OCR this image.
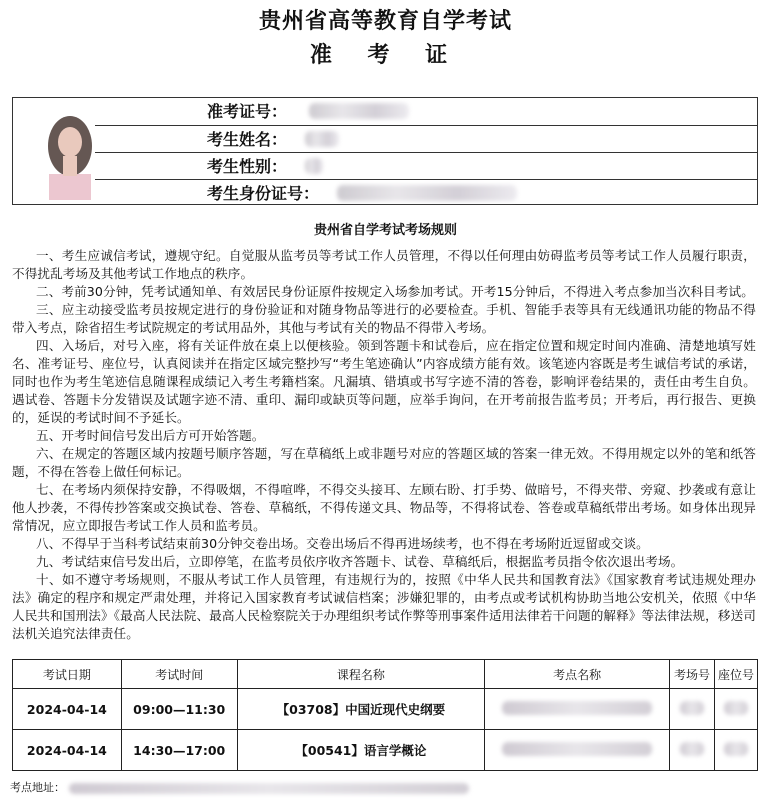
贵州省高等教育自学考试
准 考 证
准考证号：
考生姓名：
考生性别：
考生身份证号：
贵州省自学考试考场规则

一、考生应诚信考试，遵规守纪。自觉服从监考员等考试工作人员管理，不得以任何理由妨碍监考员等考试工作人员履行职责，不得扰乱考场及其他考试工作地点的秩序。

二、考前30分钟，凭考试通知单、有效居民身份证原件按规定入场参加考试。开考15分钟后，不得进入考点参加当次科目考试。

三、应主动接受监考员按规定进行的身份验证和对随身物品等进行的必要检查。手机、智能手表等具有无线通讯功能的物品不得带入考点，除省招生考试院规定的考试用品外，其他与考试有关的物品不得带入考场。

四、入场后，对号入座，将有关证件放在桌上以便核验。领到答题卡和试卷后，应在指定位置和规定时间内准确、清楚地填写姓名、准考证号、座位号，认真阅读并在指定区域完整抄写“考生笔迹确认”内容成绩方能有效。该笔迹内容既是考生诚信考试的承诺，同时也作为考生笔迹信息随课程成绩记入考生考籍档案。凡漏填、错填或书写字迹不清的答卷，影响评卷结果的，责任由考生自负。遇试卷、答题卡分发错误及试题字迹不清、重印、漏印或缺页等问题，应举手询问，在开考前报告监考员；开考后，再行报告、更换的，延误的考试时间不予延长。

五、开考时间信号发出后方可开始答题。

六、在规定的答题区域内按题号顺序答题，写在草稿纸上或非题号对应的答题区域的答案一律无效。不得用规定以外的笔和纸答题，不得在答卷上做任何标记。

七、在考场内须保持安静，不得吸烟，不得喧哗，不得交头接耳、左顾右盼、打手势、做暗号，不得夹带、旁窥、抄袭或有意让他人抄袭，不得传抄答案或交换试卷、答卷、草稿纸，不得传递文具、物品等，不得将试卷、答卷或草稿纸带出考场。如身体出现异常情况，应立即报告考试工作人员和监考员。

八、不得早于当科考试结束前30分钟交卷出场。交卷出场后不得再进场续考，也不得在考场附近逗留或交谈。

九、考试结束信号发出后，立即停笔，在监考员依序收齐答题卡、试卷、草稿纸后，根据监考员指令依次退出考场。

十、如不遵守考场规则，不服从考试工作人员管理，有违规行为的，按照《中华人民共和国教育法》《国家教育考试违规处理办法》确定的程序和规定严肃处理，并将记入国家教育考试诚信档案；涉嫌犯罪的，由考点或考试机构协助当地公安机关，依照《中华人民共和国刑法》《最高人民法院、最高人民检察院关于办理组织考试作弊等刑事案件适用法律若干问题的解释》等法律法规，移送司法机关追究法律责任。

考试日期	考试时间	课程名称	考点名称	考场号	座位号
2024-04-14	09:00—11:30	【03708】中国近现代史纲要			
2024-04-14	14:30—17:00	【00541】语言学概论			
考点地址：
